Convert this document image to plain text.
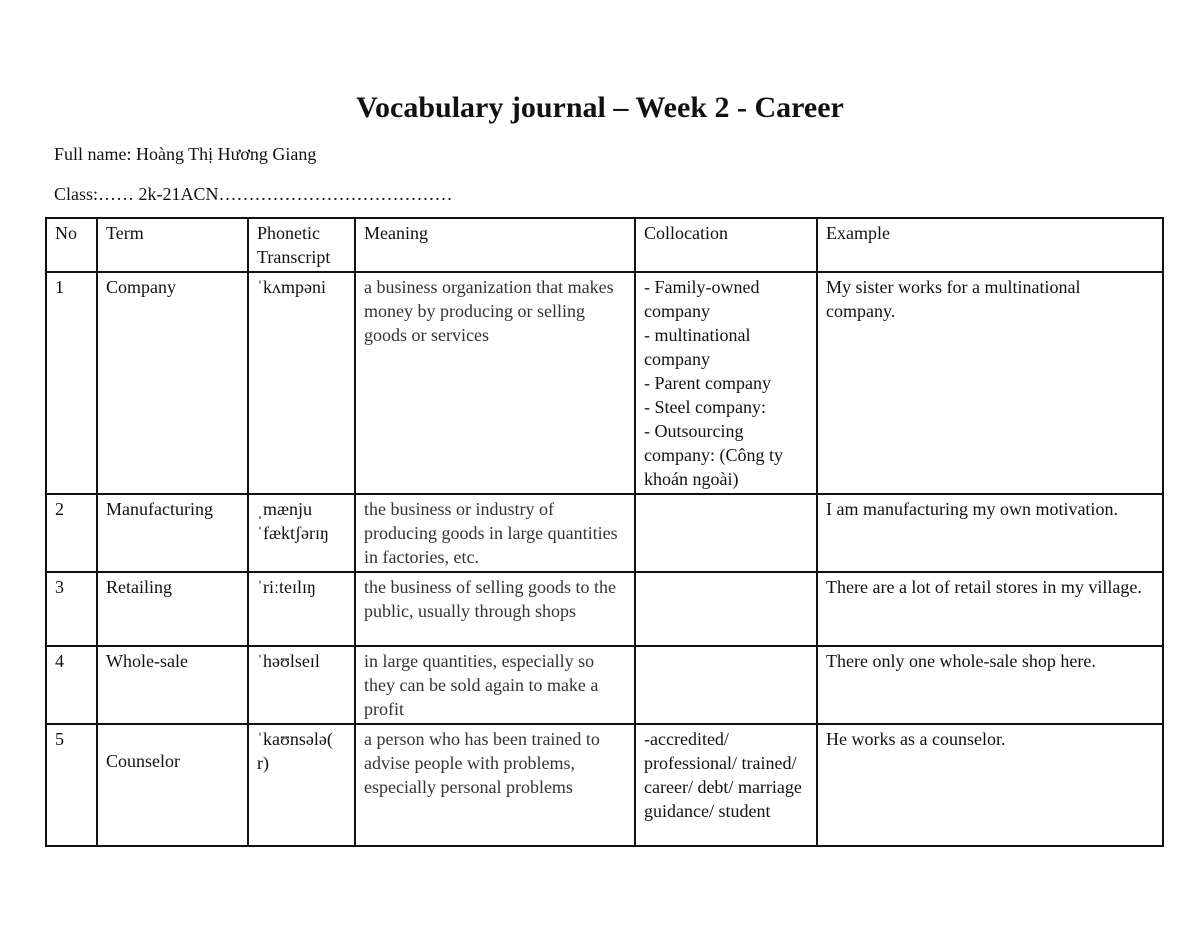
Vocabulary journal – Week 2 - Career
Full name: Hoàng Thị Hương Giang
Class:…… 2k-21ACN…………………………………
No	Term	Phonetic Transcript	Meaning	Collocation	Example
1	Company	ˈkʌmpəni	a business organization that makes money by producing or selling goods or services	- Family-owned company
- multinational company
- Parent company
- Steel company:
- Outsourcing company: (Công ty khoán ngoài)	My sister works for a multinational company.
2	Manufacturing	ˌmænju ˈfæktʃərɪŋ	the business or industry of producing goods in large quantities in factories, etc.		I am manufacturing my own motivation.
3	Retailing	ˈriːteɪlɪŋ	the business of selling goods to the public, usually through shops		There are a lot of retail stores in my village.
4	Whole-sale	ˈhəʊlseɪl	in large quantities, especially so they can be sold again to make a profit		There only one whole-sale shop here.
5	Counselor	ˈkaʊnsələ( r)	a person who has been trained to advise people with problems, especially personal problems	-accredited/ professional/ trained/ career/ debt/ marriage guidance/ student	He works as a counselor.
